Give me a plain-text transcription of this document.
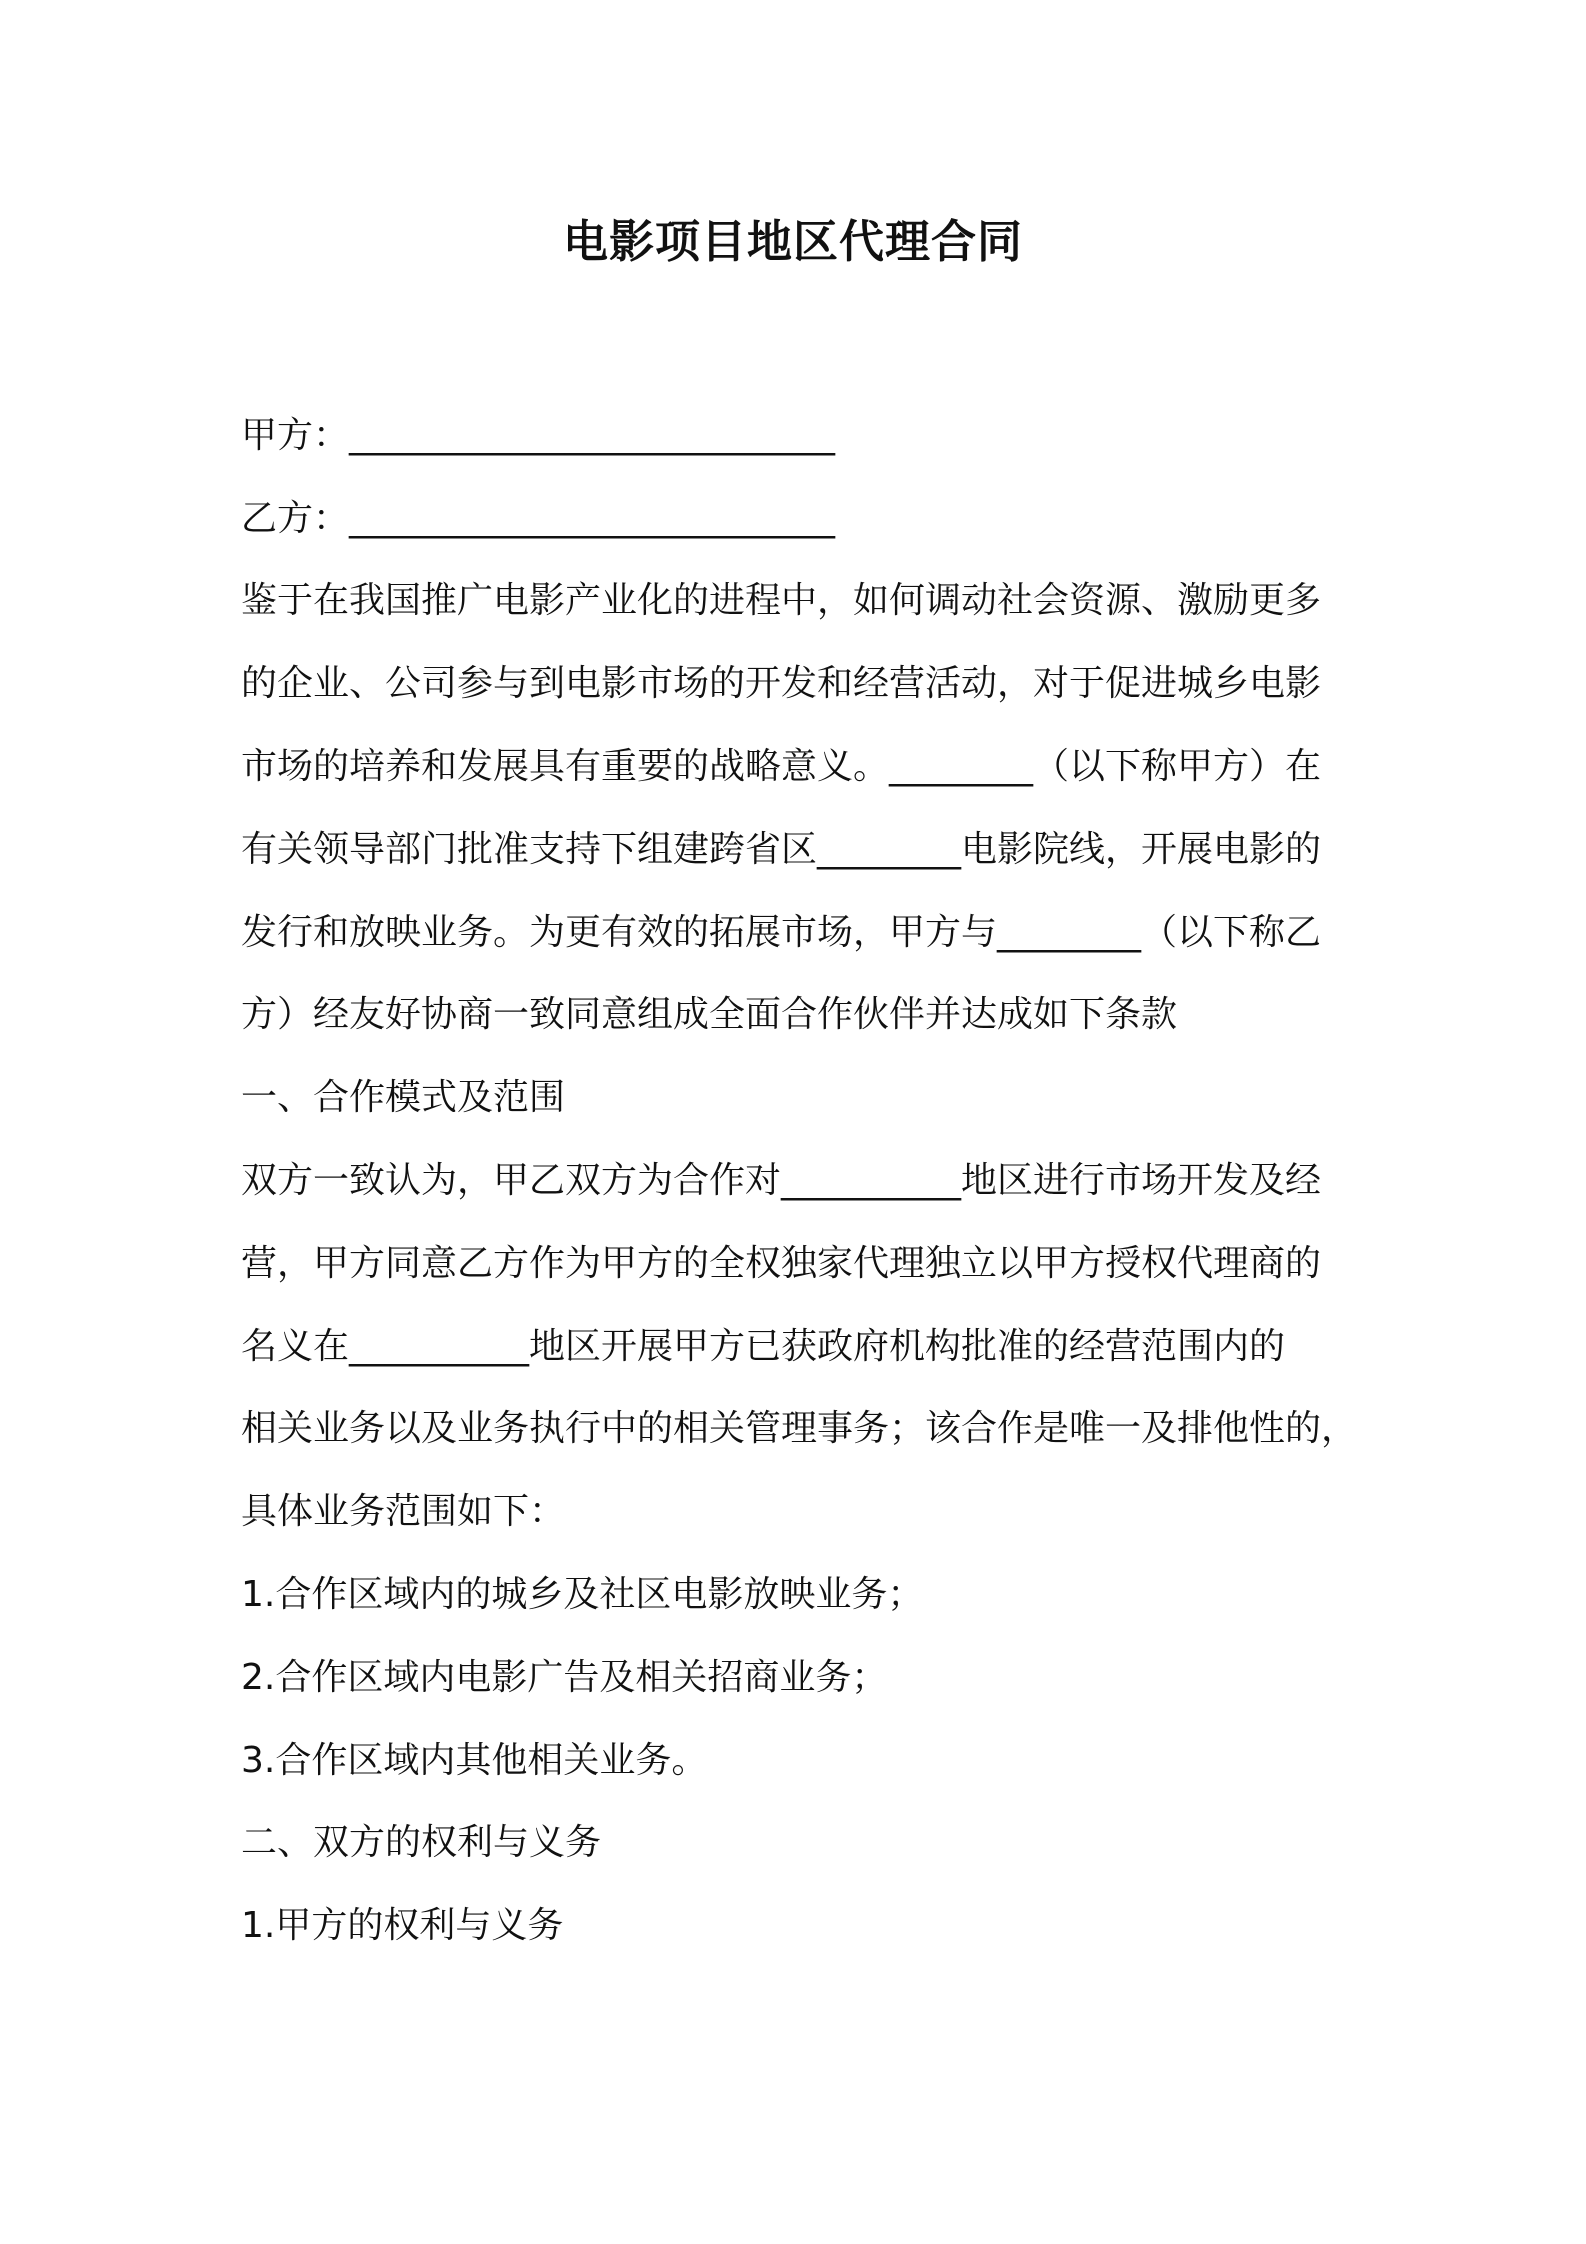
电影项目地区代理合同
甲方：___________________________
乙方：___________________________
鉴于在我国推广电影产业化的进程中，如何调动社会资源、激励更多
的企业、公司参与到电影市场的开发和经营活动，对于促进城乡电影
市场的培养和发展具有重要的战略意义。________（以下称甲方）在
有关领导部门批准支持下组建跨省区________电影院线，开展电影的
发行和放映业务。为更有效的拓展市场，甲方与________（以下称乙
方）经友好协商一致同意组成全面合作伙伴并达成如下条款
一、合作模式及范围
双方一致认为，甲乙双方为合作对__________地区进行市场开发及经
营，甲方同意乙方作为甲方的全权独家代理独立以甲方授权代理商的
名义在__________地区开展甲方已获政府机构批准的经营范围内的
相关业务以及业务执行中的相关管理事务；该合作是唯一及排他性的，
具体业务范围如下：
1.合作区域内的城乡及社区电影放映业务；
2.合作区域内电影广告及相关招商业务；
3.合作区域内其他相关业务。
二、双方的权利与义务
1.甲方的权利与义务
